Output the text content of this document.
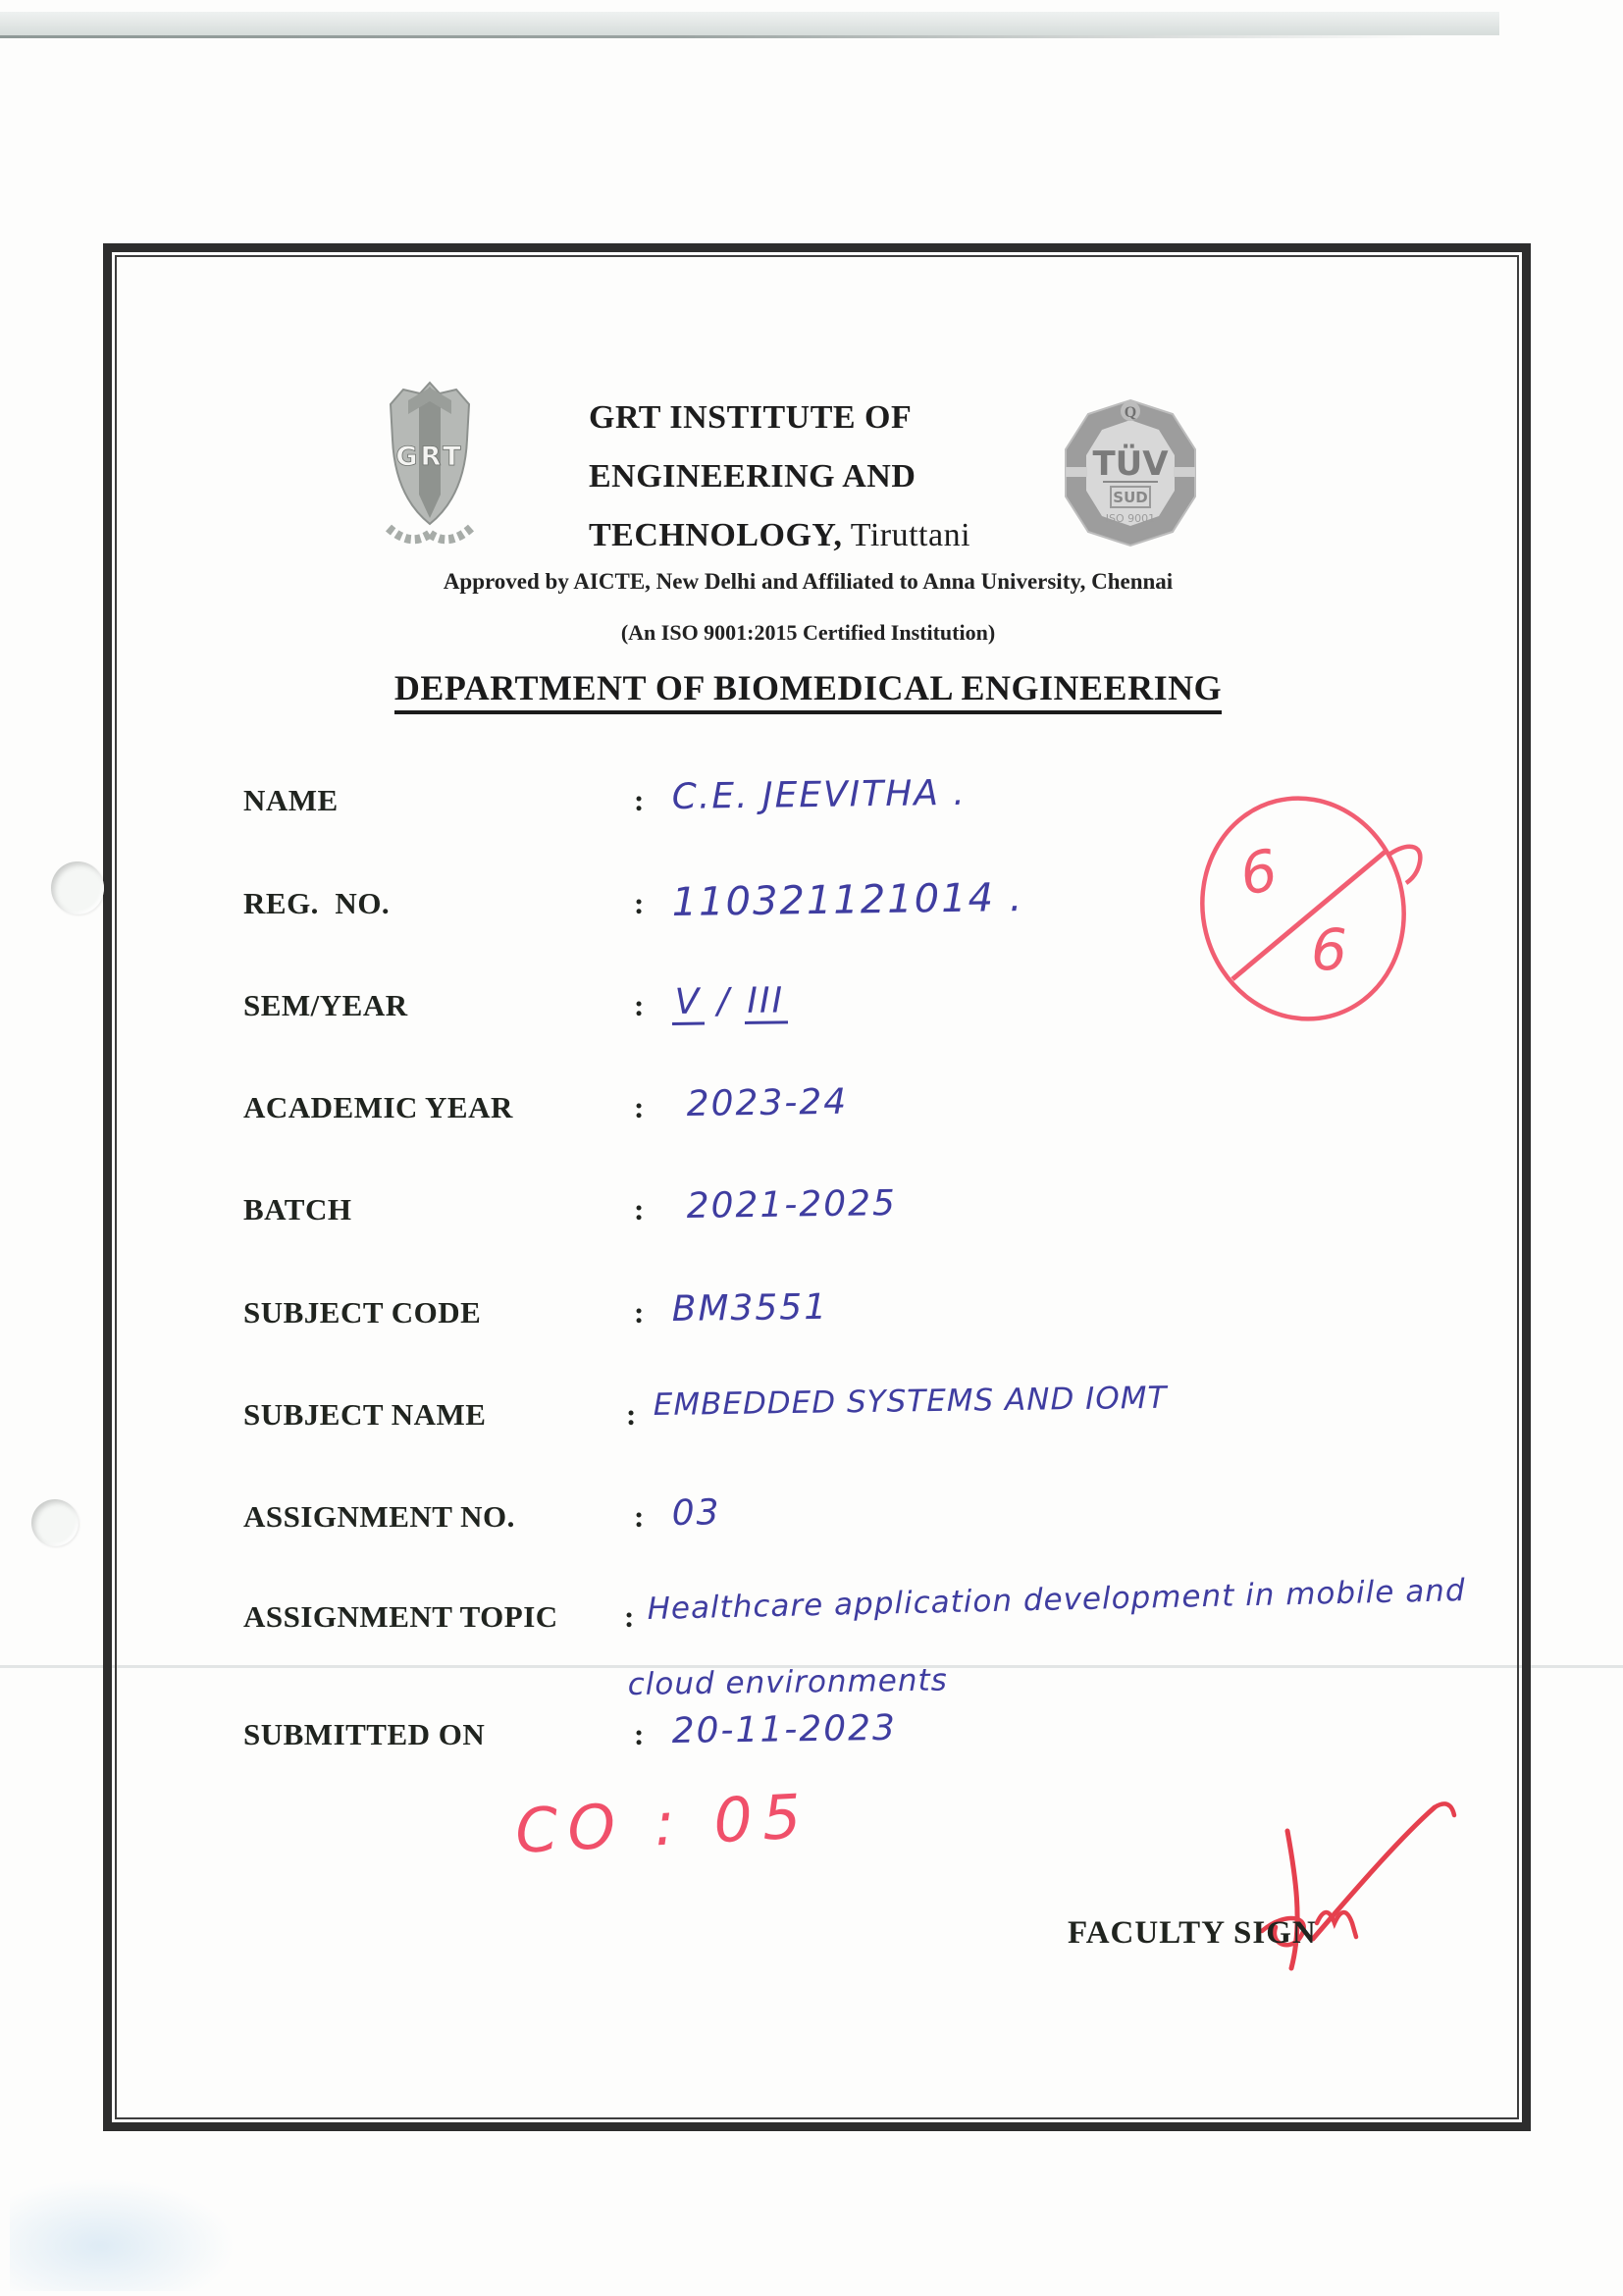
GRT
GRT INSTITUTE OF
ENGINEERING AND
TECHNOLOGY, Tiruttani
Q
TÜV
SUD
ISO 9001
Approved by AICTE, New Delhi and Affiliated to Anna University, Chennai
(An ISO 9001:2015 Certified Institution)
DEPARTMENT OF BIOMEDICAL ENGINEERING
NAME	: C.E. JEEVITHA .
REG.  NO.	: 110321121014 .
SEM/YEAR	: V / III
ACADEMIC YEAR	: 2023-24
BATCH	: 2021-2025
SUBJECT CODE	: BM3551
SUBJECT NAME	: EMBEDDED SYSTEMS AND IOMT
ASSIGNMENT NO.	: 03
ASSIGNMENT TOPIC : Healthcare application development in mobile and
cloud environments
SUBMITTED ON	: 20-11-2023
6
6
CO : 05
FACULTY SIGN
